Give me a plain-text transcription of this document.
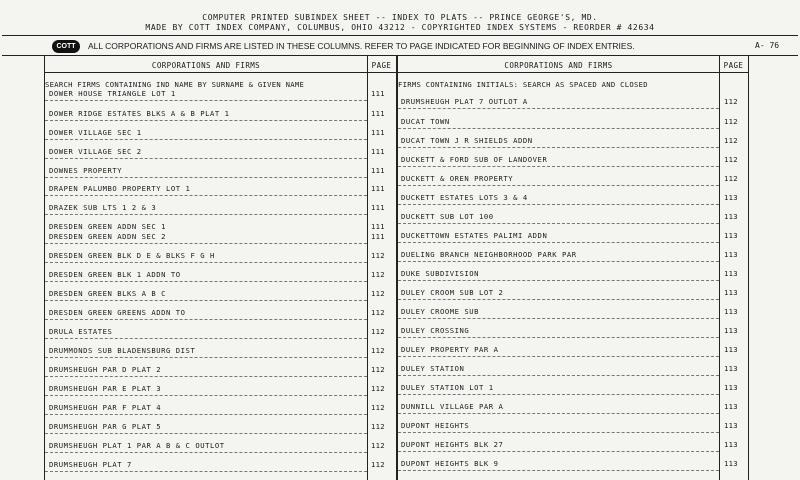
COMPUTER PRINTED SUBINDEX SHEET -- INDEX TO PLATS -- PRINCE GEORGE'S, MD.
MADE BY COTT INDEX COMPANY, COLUMBUS, OHIO 43212 - COPYRIGHTED INDEX SYSTEMS - REORDER # 42634
COTT	ALL CORPORATIONS AND FIRMS ARE LISTED IN THESE COLUMNS. REFER TO PAGE INDICATED FOR BEGINNING OF INDEX ENTRIES.	A- 76
CORPORATIONS AND FIRMS	PAGE	CORPORATIONS AND FIRMS	PAGE
SEARCH FIRMS CONTAINING IND NAME BY SURNAME & GIVEN NAME	FIRMS CONTAINING INITIALS: SEARCH AS SPACED AND CLOSED
DOWER HOUSE TRIANGLE LOT 1	111
DOWER RIDGE ESTATES BLKS A & B PLAT 1	111
DOWER VILLAGE SEC 1	111
DOWER VILLAGE SEC 2	111
DOWNES PROPERTY	111
DRAPEN PALUMBO PROPERTY LOT 1	111
DRAZEK SUB LTS 1 2 & 3	111
DRESDEN GREEN ADDN SEC 1	111
DRESDEN GREEN ADDN SEC 2	111
DRESDEN GREEN BLK D E & BLKS F G H	112
DRESDEN GREEN BLK 1 ADDN TO	112
DRESDEN GREEN BLKS A B C	112
DRESDEN GREEN GREENS ADDN TO	112
DRULA ESTATES	112
DRUMMONDS SUB BLADENSBURG DIST	112
DRUMSHEUGH PAR D PLAT 2	112
DRUMSHEUGH PAR E PLAT 3	112
DRUMSHEUGH PAR F PLAT 4	112
DRUMSHEUGH PAR G PLAT 5	112
DRUMSHEUGH PLAT 1 PAR A B & C OUTLOT	112
DRUMSHEUGH PLAT 7	112
DRUMSHEUGH PLAT 7 OUTLOT A	112
DUCAT TOWN	112
DUCAT TOWN J R SHIELDS ADDN	112
DUCKETT & FORD SUB OF LANDOVER	112
DUCKETT & OREN PROPERTY	112
DUCKETT ESTATES LOTS 3 & 4	113
DUCKETT SUB LOT 100	113
DUCKETTOWN ESTATES PALIMI ADDN	113
DUELING BRANCH NEIGHBORHOOD PARK PAR	113
DUKE SUBDIVISION	113
DULEY CROOM SUB LOT 2	113
DULEY CROOME SUB	113
DULEY CROSSING	113
DULEY PROPERTY PAR A	113
DULEY STATION	113
DULEY STATION LOT 1	113
DUNNILL VILLAGE PAR A	113
DUPONT HEIGHTS	113
DUPONT HEIGHTS BLK 27	113
DUPONT HEIGHTS BLK 9	113
